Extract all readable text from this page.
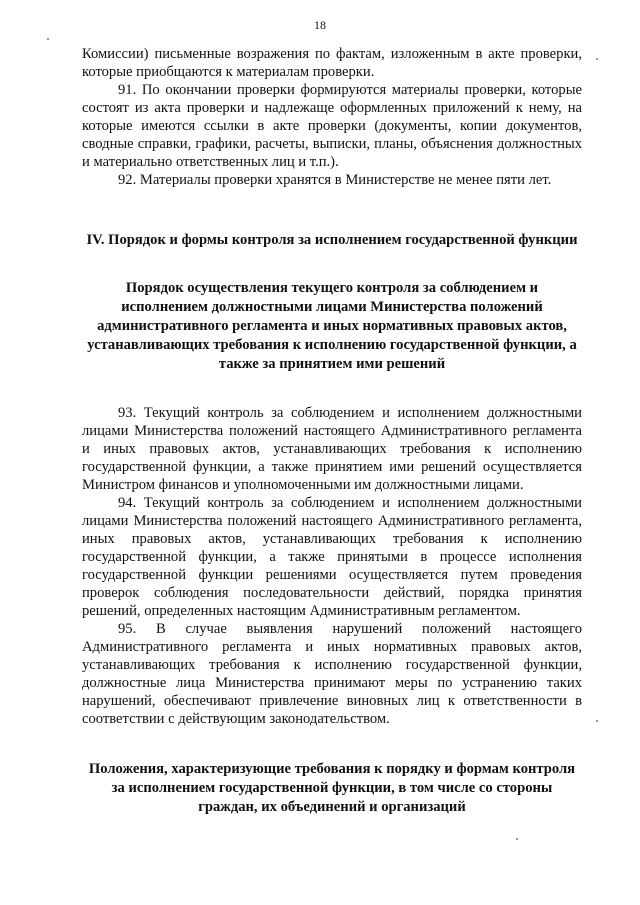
18

Комиссии) письменные возражения по фактам, изложенным в акте проверки, которые приобщаются к материалам проверки.

91. По окончании проверки формируются материалы проверки, которые состоят из акта проверки и надлежаще оформленных приложений к нему, на которые имеются ссылки в акте проверки (документы, копии документов, сводные справки, графики, расчеты, выписки, планы, объяснения должностных и материально ответственных лиц и т.п.).

92. Материалы проверки хранятся в Министерстве не менее пяти лет.

IV. Порядок и формы контроля за исполнением государственной функции
Порядок осуществления текущего контроля за соблюдением и исполнением должностными лицами Министерства положений административного регламента и иных нормативных правовых актов, устанавливающих требования к исполнению государственной функции, а также за принятием ими решений

93. Текущий контроль за соблюдением и исполнением должностными лицами Министерства положений настоящего Административного регламента и иных правовых актов, устанавливающих требования к исполнению государственной функции, а также принятием ими решений осуществляется Министром финансов и уполномоченными им должностными лицами.

94. Текущий контроль за соблюдением и исполнением должностными лицами Министерства положений настоящего Административного регламента, иных правовых актов, устанавливающих требования к исполнению государственной функции, а также принятыми в процессе исполнения государственной функции решениями осуществляется путем проведения проверок соблюдения последовательности действий, порядка принятия решений, определенных настоящим Административным регламентом.

95. В случае выявления нарушений положений настоящего Административного регламента и иных нормативных правовых актов, устанавливающих требования к исполнению государственной функции, должностные лица Министерства принимают меры по устранению таких нарушений, обеспечивают привлечение виновных лиц к ответственности в соответствии с действующим законодательством.

Положения, характеризующие требования к порядку и формам контроля за исполнением государственной функции, в том числе со стороны граждан, их объединений и организаций
